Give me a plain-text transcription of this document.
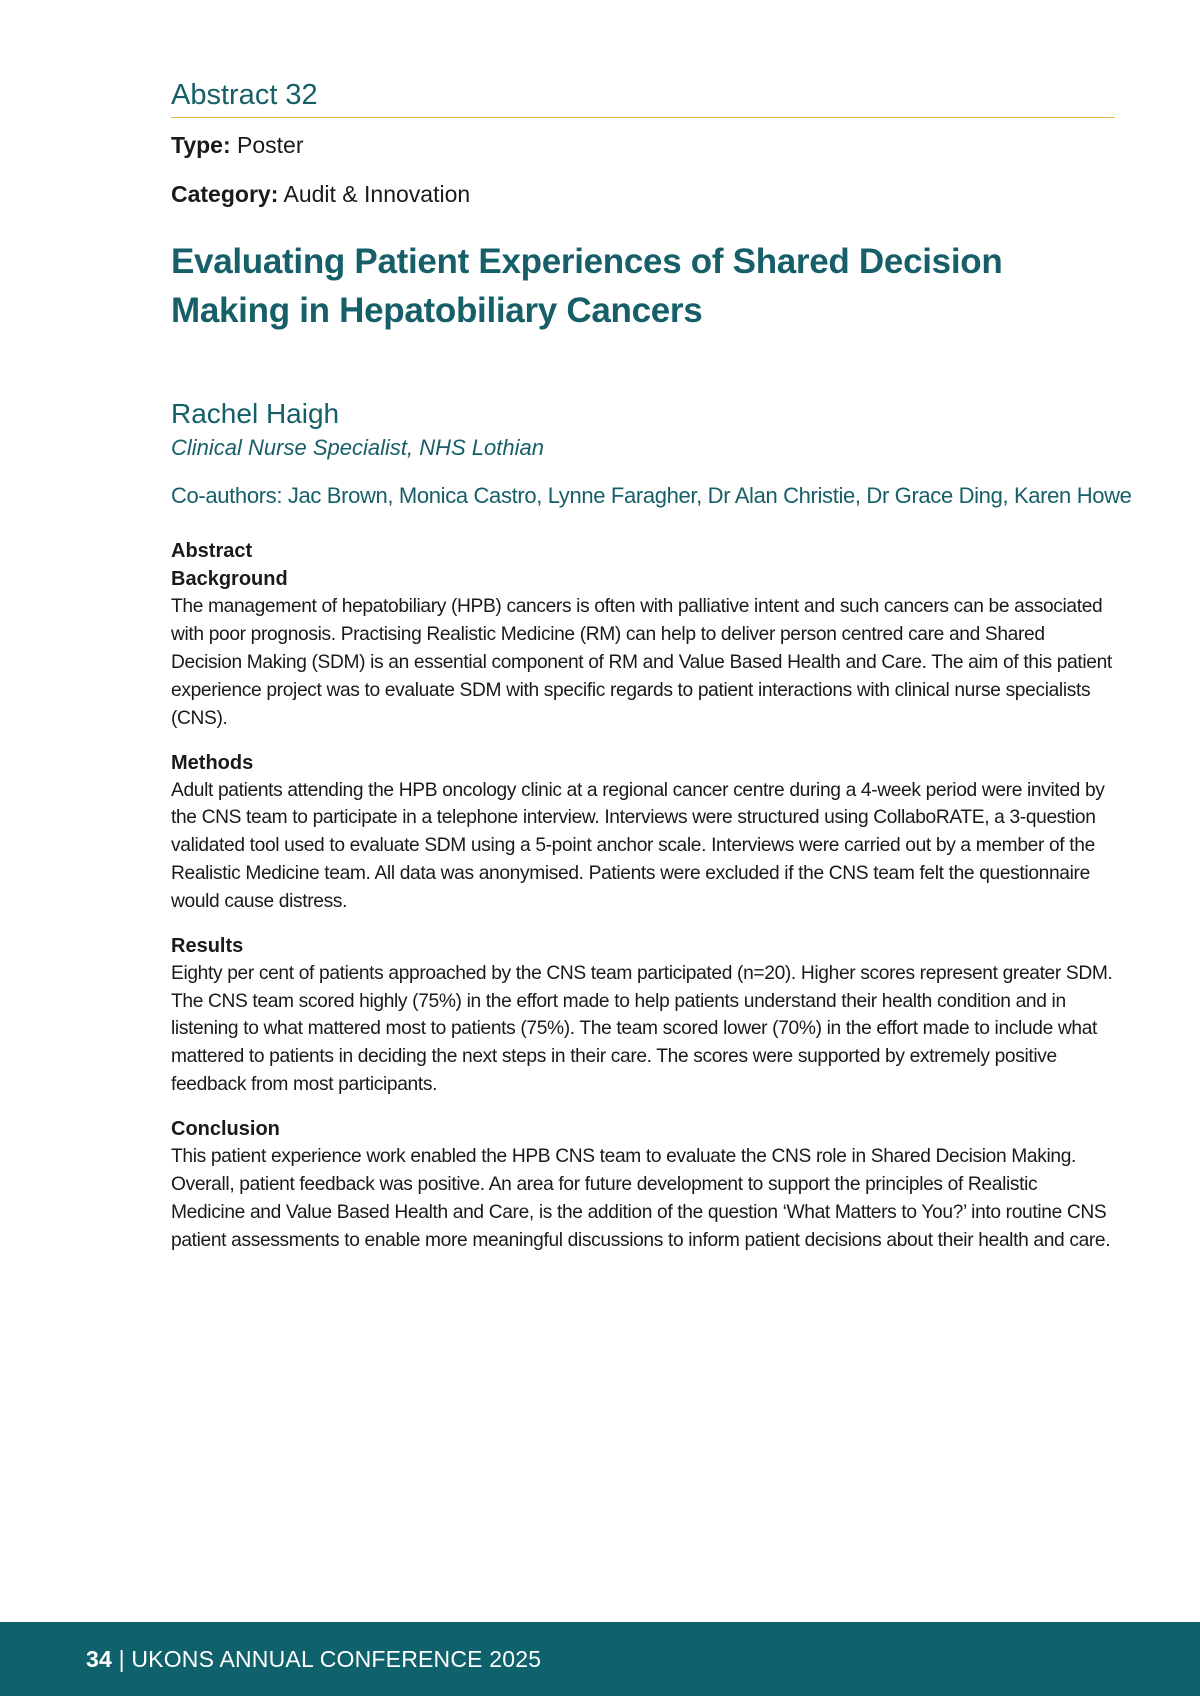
Abstract 32
Type: Poster
Category: Audit & Innovation
Evaluating Patient Experiences of Shared Decision Making in Hepatobiliary Cancers
Rachel Haigh
Clinical Nurse Specialist, NHS Lothian
Co-authors: Jac Brown, Monica Castro, Lynne Faragher, Dr Alan Christie, Dr Grace Ding, Karen Howe
Abstract
Background

The management of hepatobiliary (HPB) cancers is often with palliative intent and such cancers can be associated with poor prognosis. Practising Realistic Medicine (RM) can help to deliver person centred care and Shared Decision Making (SDM) is an essential component of RM and Value Based Health and Care. The aim of this patient experience project was to evaluate SDM with specific regards to patient interactions with clinical nurse specialists (CNS).

Methods

Adult patients attending the HPB oncology clinic at a regional cancer centre during a 4-week period were invited by the CNS team to participate in a telephone interview. Interviews were structured using CollaboRATE, a 3-question validated tool used to evaluate SDM using a 5-point anchor scale. Interviews were carried out by a member of the Realistic Medicine team. All data was anonymised. Patients were excluded if the CNS team felt the questionnaire would cause distress.

Results

Eighty per cent of patients approached by the CNS team participated (n=20). Higher scores represent greater SDM. The CNS team scored highly (75%) in the effort made to help patients understand their health condition and in listening to what mattered most to patients (75%). The team scored lower (70%) in the effort made to include what mattered to patients in deciding the next steps in their care. The scores were supported by extremely positive feedback from most participants.

Conclusion

This patient experience work enabled the HPB CNS team to evaluate the CNS role in Shared Decision Making. Overall, patient feedback was positive. An area for future development to support the principles of Realistic Medicine and Value Based Health and Care, is the addition of the question ‘What Matters to You?’ into routine CNS patient assessments to enable more meaningful discussions to inform patient decisions about their health and care.

34 | UKONS ANNUAL CONFERENCE 2025
